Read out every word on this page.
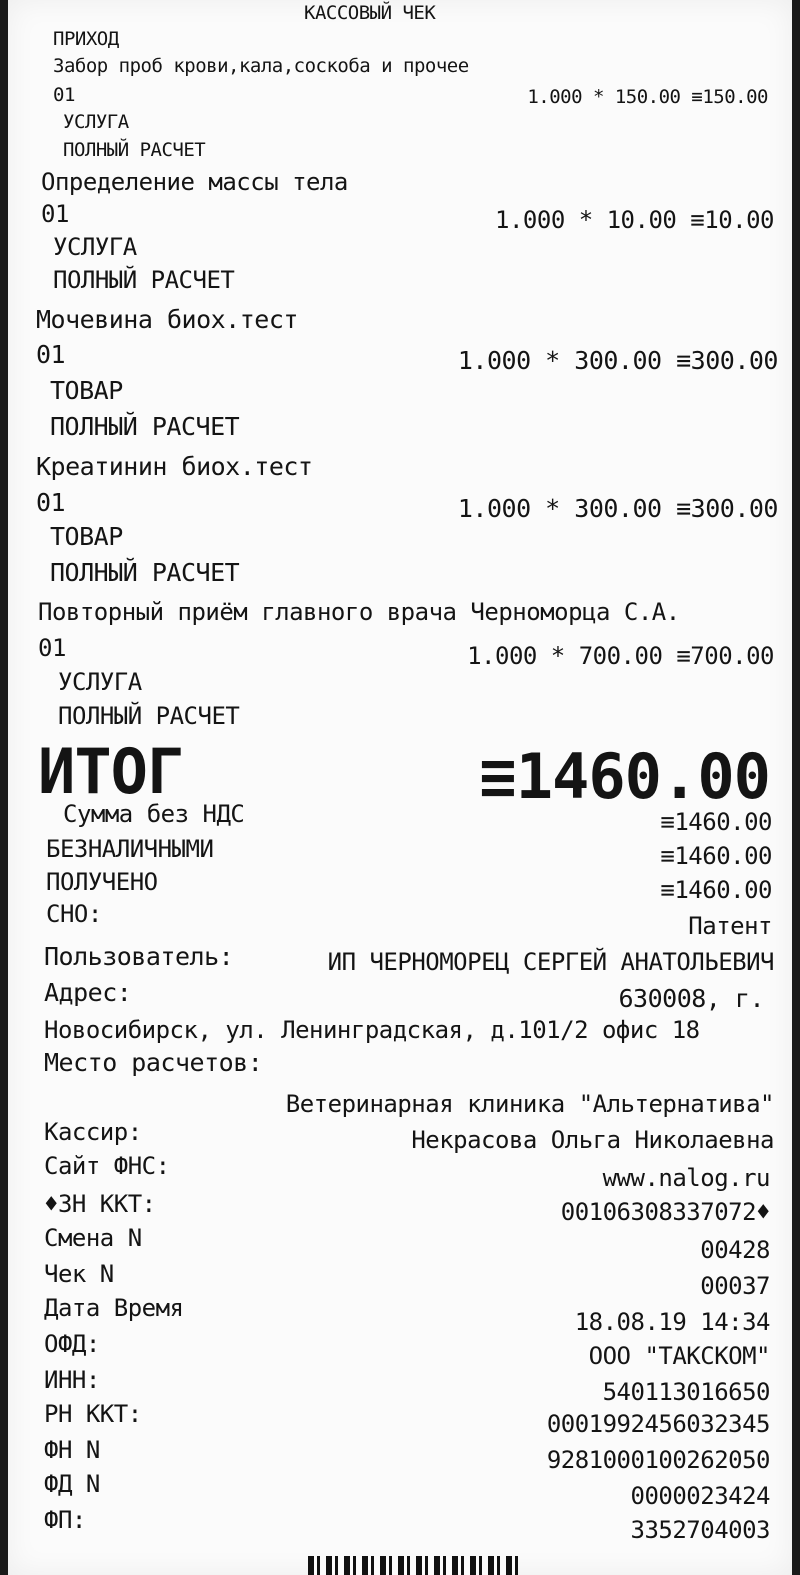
КАССОВЫЙ ЧЕК
ПРИХОД
Забор проб крови,кала,соскоба и прочее
01	1.000 * 150.00 ≡150.00
УСЛУГА
ПОЛНЫЙ РАСЧЕТ
Определение массы тела
01	1.000 * 10.00 ≡10.00
УСЛУГА
ПОЛНЫЙ РАСЧЕТ
Мочевина биох.тест
01	1.000 * 300.00 ≡300.00
ТОВАР
ПОЛНЫЙ РАСЧЕТ
Креатинин биох.тест
01	1.000 * 300.00 ≡300.00
ТОВАР
ПОЛНЫЙ РАСЧЕТ
Повторный приём главного врача Черноморца С.А.
01	1.000 * 700.00 ≡700.00
УСЛУГА
ПОЛНЫЙ РАСЧЕТ
ИТОГ	≡1460.00
Сумма без НДС	≡1460.00
БЕЗНАЛИЧНЫМИ	≡1460.00
ПОЛУЧЕНО	≡1460.00
СНО:	Патент
Пользователь:	ИП ЧЕРНОМОРЕЦ СЕРГЕЙ АНАТОЛЬЕВИЧ
Адрес:	630008, г.
Новосибирск, ул. Ленинградская, д.101/2 офис 18
Место расчетов:
Ветеринарная клиника "Альтернатива"
Кассир:	Некрасова Ольга Николаевна
Сайт ФНС:	www.nalog.ru
♦ЗН ККТ:	00106308337072♦
Смена N	00428
Чек N	00037
Дата Время	18.08.19 14:34
ОФД:	ООО "ТАКСКОМ"
ИНН:	540113016650
РН ККТ:	0001992456032345
ФН N	9281000100262050
ФД N	0000023424
ФП:	3352704003
